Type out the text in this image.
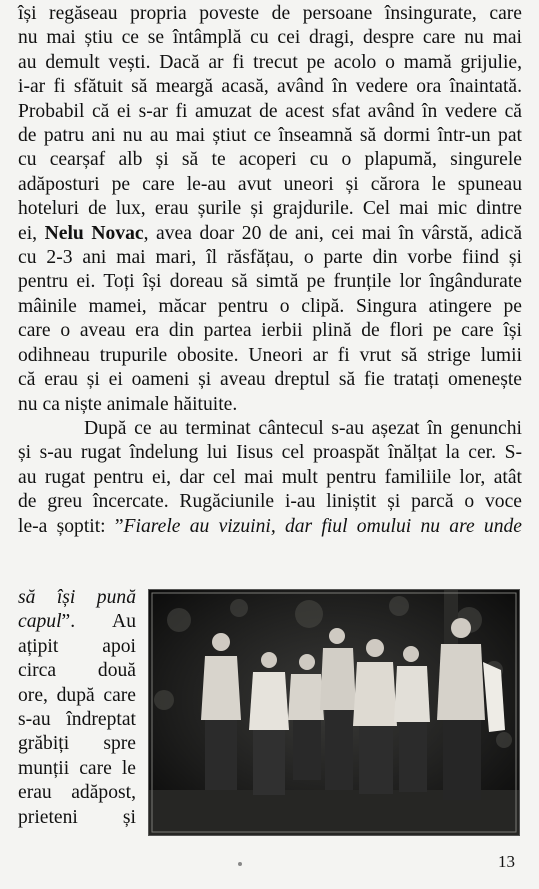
își regăseau propria poveste de persoane însingurate, care
nu mai știu ce se întâmplă cu cei dragi, despre care nu mai
au demult vești. Dacă ar fi trecut pe acolo o mamă grijulie,
i-ar fi sfătuit să meargă acasă, având în vedere ora înaintată.
Probabil că ei s-ar fi amuzat de acest sfat având în vedere că
de patru ani nu au mai știut ce înseamnă să dormi într-un pat
cu cearșaf alb și să te acoperi cu o plapumă, singurele
adăposturi pe care le-au avut uneori și cărora le spuneau
hoteluri de lux, erau șurile și grajdurile. Cel mai mic dintre
ei, Nelu Novac, avea doar 20 de ani, cei mai în vârstă, adică
cu 2-3 ani mai mari, îl răsfățau, o parte din vorbe fiind și
pentru ei. Toți își doreau să simtă pe frunțile lor îngândurate
mâinile mamei, măcar pentru o clipă. Singura atingere pe
care o aveau era din partea ierbii plină de flori pe care își
odihneau trupurile obosite. Uneori ar fi vrut să strige lumii
că erau și ei oameni și aveau dreptul să fie tratați omenește
nu ca niște animale hăituite.
După ce au terminat cântecul s-au așezat în genunchi
și s-au rugat îndelung lui Iisus cel proaspăt înălțat la cer. S-
au rugat pentru ei, dar cel mai mult pentru familiile lor, atât
de greu încercate. Rugăciunile i-au liniștit și parcă o voce
le-a șoptit: ”Fiarele au vizuini, dar fiul omului nu are unde
să își pună
capul”. Au
ațipit apoi
circa două
ore, după care
s-au îndreptat
grăbiți spre
munții care le
erau adăpost,
prieteni și
13
